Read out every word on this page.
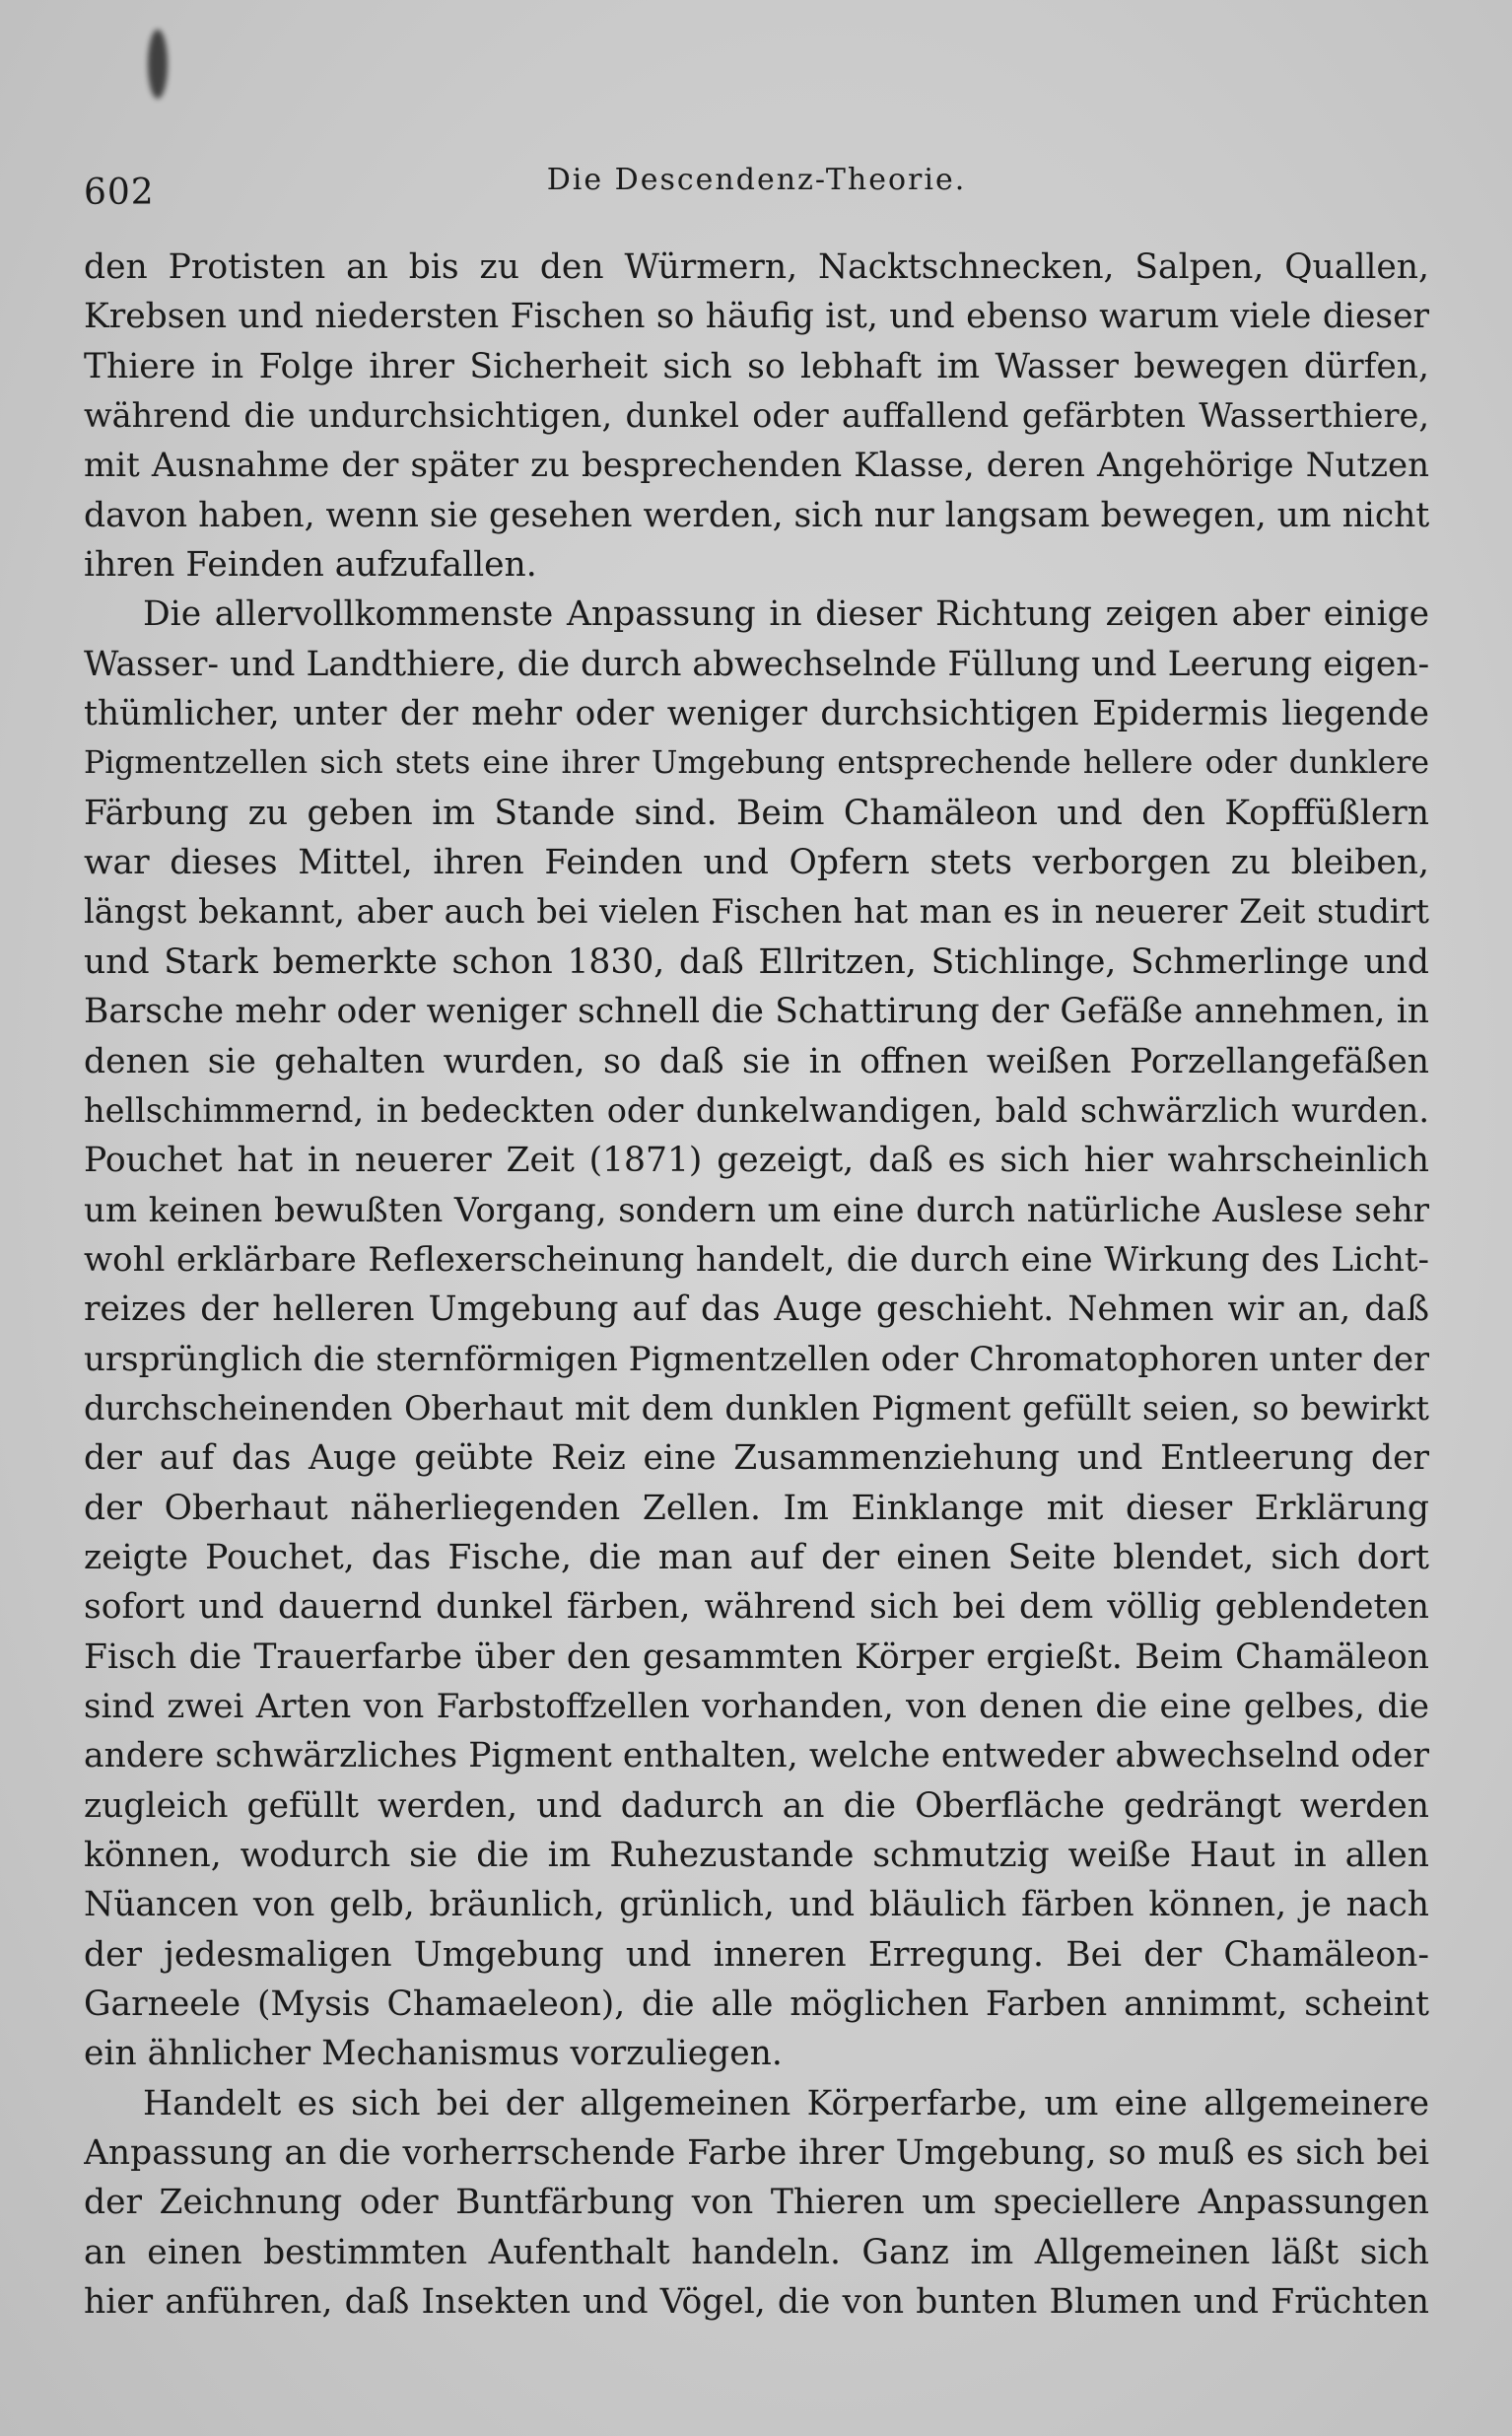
602	Die Descendenz-Theorie.
den Protisten an bis zu den Würmern, Nacktschnecken, Salpen, Quallen,
Krebsen und niedersten Fischen so häufig ist, und ebenso warum viele dieser
Thiere in Folge ihrer Sicherheit sich so lebhaft im Wasser bewegen dürfen,
während die undurchsichtigen, dunkel oder auffallend gefärbten Wasserthiere,
mit Ausnahme der später zu besprechenden Klasse, deren Angehörige Nutzen
davon haben, wenn sie gesehen werden, sich nur langsam bewegen, um nicht
ihren Feinden aufzufallen.
Die allervollkommenste Anpassung in dieser Richtung zeigen aber einige
Wasser- und Landthiere, die durch abwechselnde Füllung und Leerung eigen-
thümlicher, unter der mehr oder weniger durchsichtigen Epidermis liegende
Pigmentzellen sich stets eine ihrer Umgebung entsprechende hellere oder dunklere
Färbung zu geben im Stande sind. Beim Chamäleon und den Kopffüßlern
war dieses Mittel, ihren Feinden und Opfern stets verborgen zu bleiben,
längst bekannt, aber auch bei vielen Fischen hat man es in neuerer Zeit studirt
und Stark bemerkte schon 1830, daß Ellritzen, Stichlinge, Schmerlinge und
Barsche mehr oder weniger schnell die Schattirung der Gefäße annehmen, in
denen sie gehalten wurden, so daß sie in offnen weißen Porzellangefäßen
hellschimmernd, in bedeckten oder dunkelwandigen, bald schwärzlich wurden.
Pouchet hat in neuerer Zeit (1871) gezeigt, daß es sich hier wahrscheinlich
um keinen bewußten Vorgang, sondern um eine durch natürliche Auslese sehr
wohl erklärbare Reflexerscheinung handelt, die durch eine Wirkung des Licht-
reizes der helleren Umgebung auf das Auge geschieht. Nehmen wir an, daß
ursprünglich die sternförmigen Pigmentzellen oder Chromatophoren unter der
durchscheinenden Oberhaut mit dem dunklen Pigment gefüllt seien, so bewirkt
der auf das Auge geübte Reiz eine Zusammenziehung und Entleerung der
der Oberhaut näherliegenden Zellen. Im Einklange mit dieser Erklärung
zeigte Pouchet, das Fische, die man auf der einen Seite blendet, sich dort
sofort und dauernd dunkel färben, während sich bei dem völlig geblendeten
Fisch die Trauerfarbe über den gesammten Körper ergießt. Beim Chamäleon
sind zwei Arten von Farbstoffzellen vorhanden, von denen die eine gelbes, die
andere schwärzliches Pigment enthalten, welche entweder abwechselnd oder
zugleich gefüllt werden, und dadurch an die Oberfläche gedrängt werden
können, wodurch sie die im Ruhezustande schmutzig weiße Haut in allen
Nüancen von gelb, bräunlich, grünlich, und bläulich färben können, je nach
der jedesmaligen Umgebung und inneren Erregung. Bei der Chamäleon-
Garneele (Mysis Chamaeleon), die alle möglichen Farben annimmt, scheint
ein ähnlicher Mechanismus vorzuliegen.
Handelt es sich bei der allgemeinen Körperfarbe, um eine allgemeinere
Anpassung an die vorherrschende Farbe ihrer Umgebung, so muß es sich bei
der Zeichnung oder Buntfärbung von Thieren um speciellere Anpassungen
an einen bestimmten Aufenthalt handeln. Ganz im Allgemeinen läßt sich
hier anführen, daß Insekten und Vögel, die von bunten Blumen und Früchten
